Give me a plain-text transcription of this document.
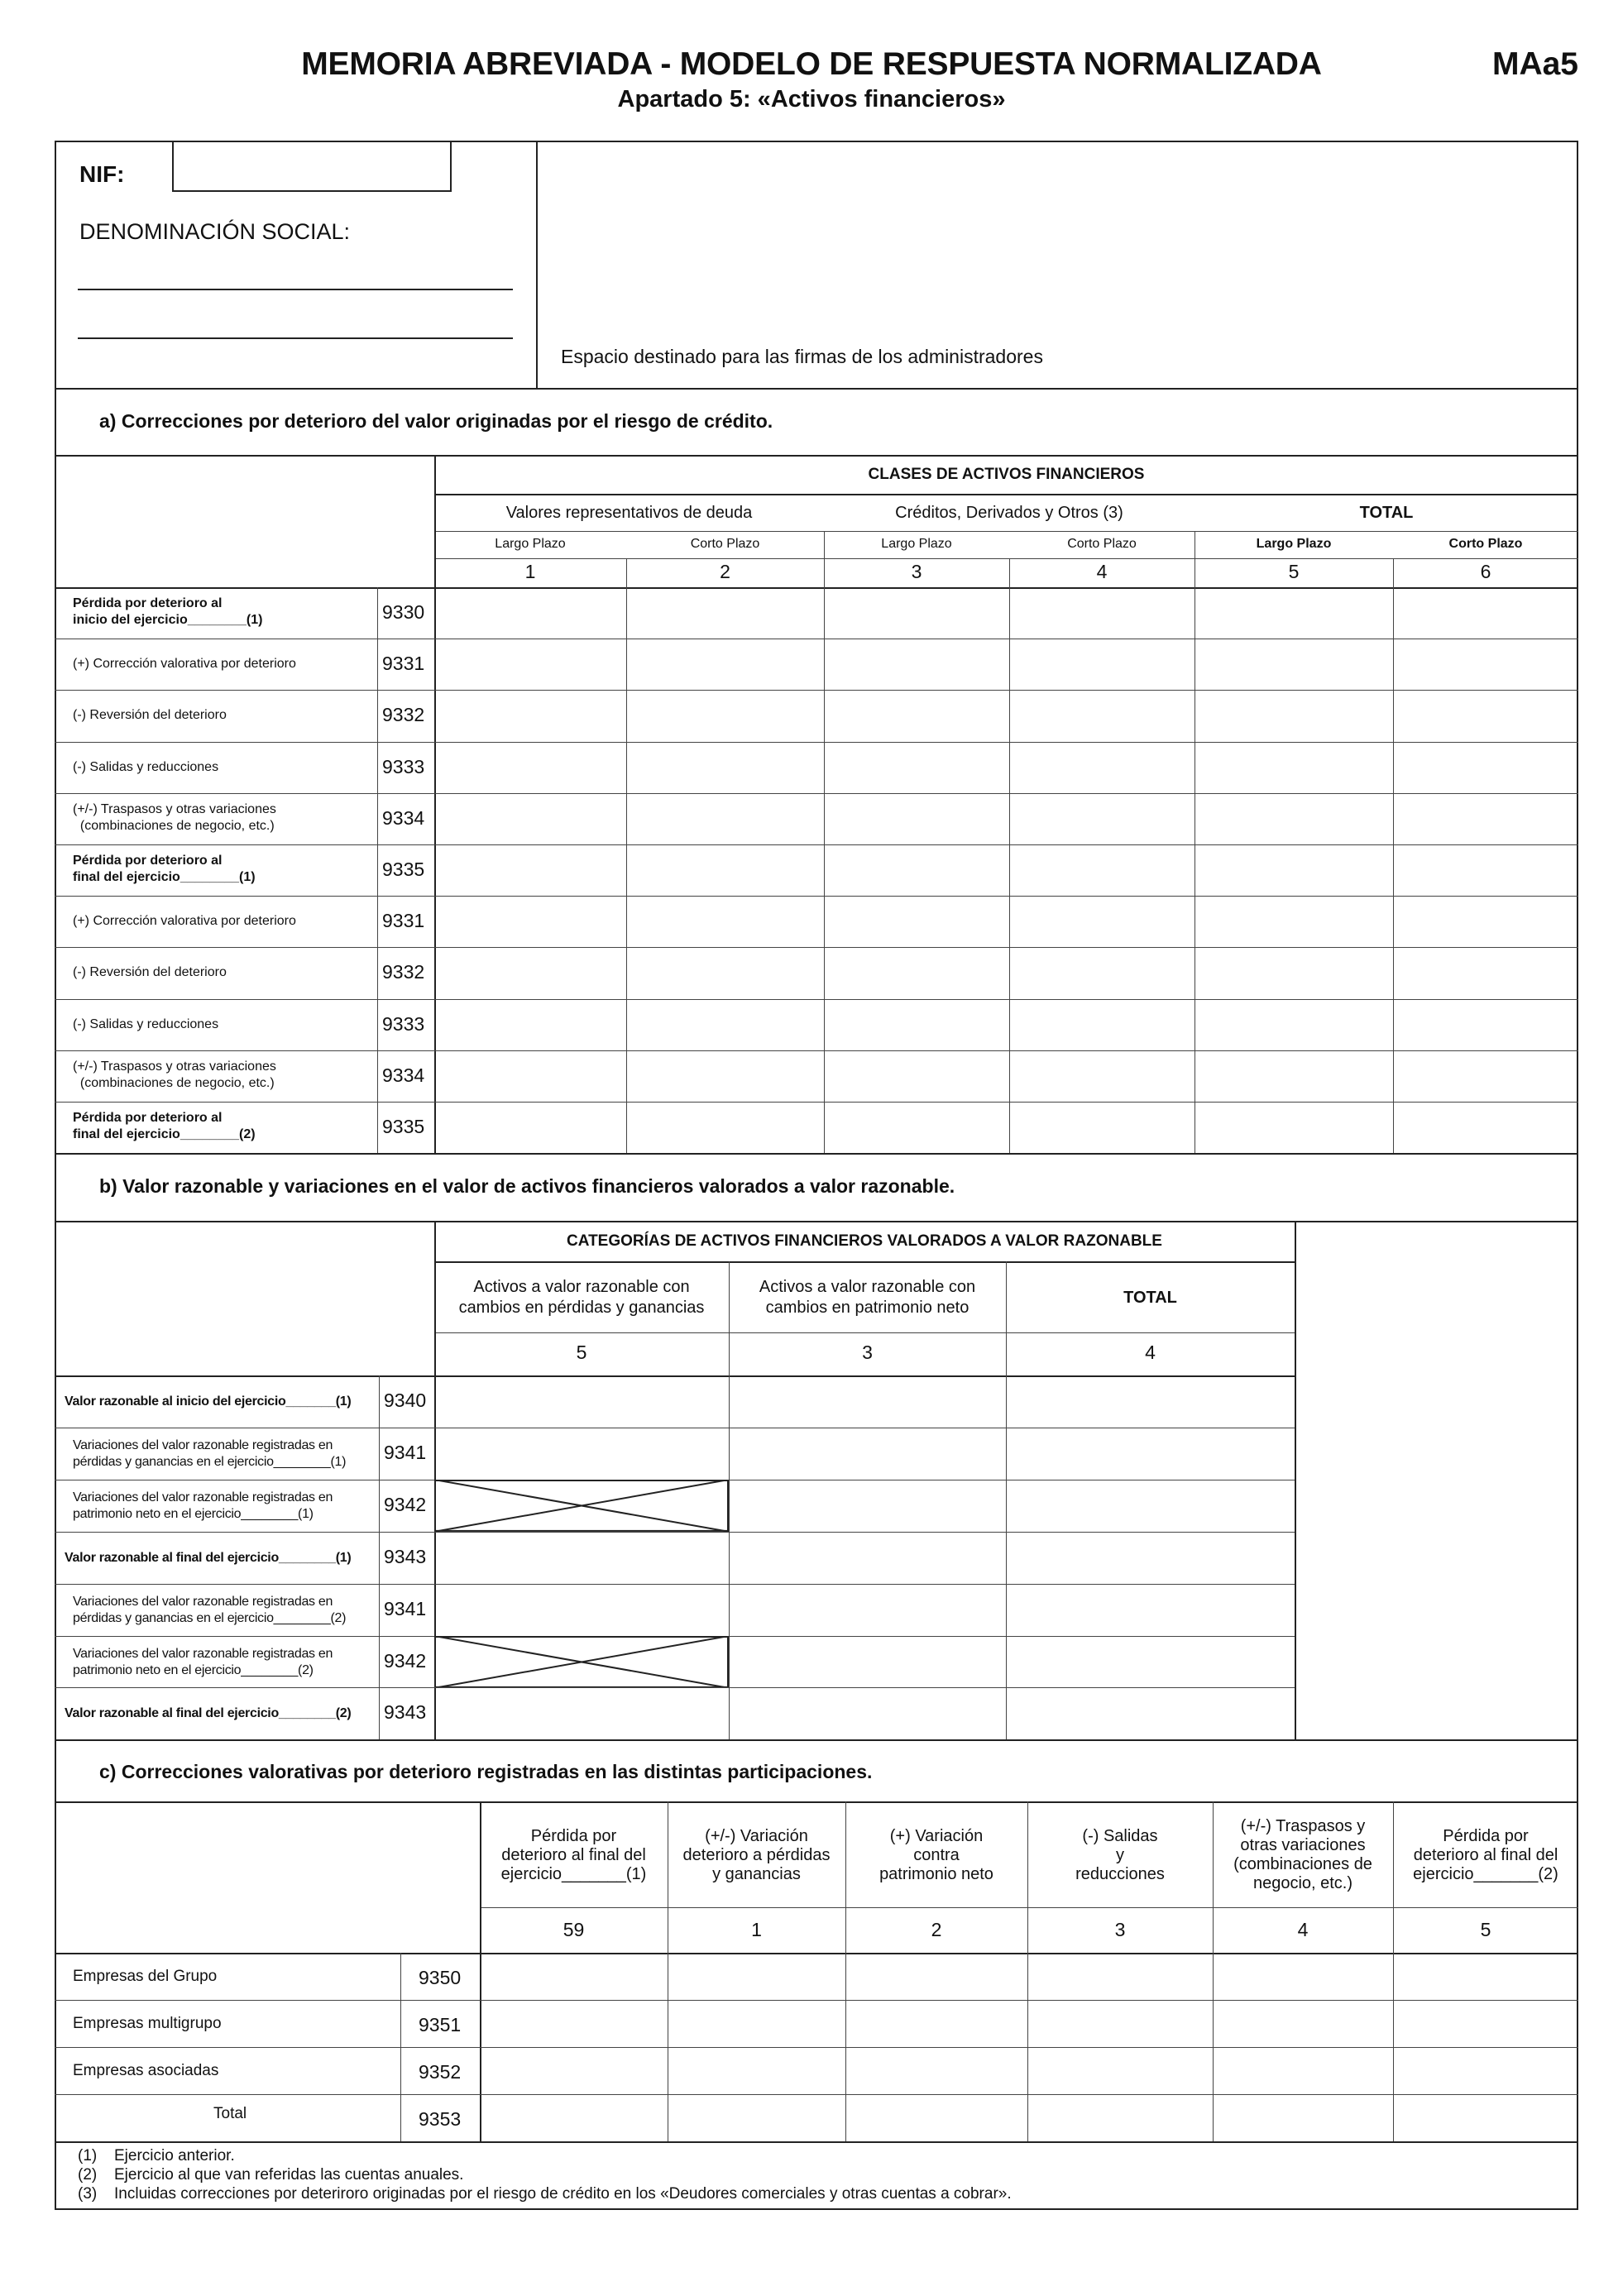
MEMORIA ABREVIADA - MODELO DE RESPUESTA NORMALIZADA
Apartado 5: «Activos financieros»
MAa5
NIF:
DENOMINACIÓN SOCIAL:
Espacio destinado para las firmas de los administradores
a) Correcciones por deterioro del valor originadas por el riesgo de crédito.
CLASES DE ACTIVOS FINANCIEROS
Valores representativos de deuda	Créditos, Derivados y Otros (3)	TOTAL
Largo Plazo	Corto Plazo	Largo Plazo	Corto Plazo	Largo Plazo	Corto Plazo
1	2	3	4	5	6
Pérdida por deterioro al
inicio del ejercicio________(1)	9330
(+) Corrección valorativa por deterioro	9331
(-) Reversión del deterioro	9332
(-) Salidas y reducciones	9333
(+/-) Traspasos y otras variaciones
(combinaciones de negocio, etc.)	9334
Pérdida por deterioro al
final del ejercicio________(1)	9335
(+) Corrección valorativa por deterioro	9331
(-) Reversión del deterioro	9332
(-) Salidas y reducciones	9333
(+/-) Traspasos y otras variaciones
(combinaciones de negocio, etc.)	9334
Pérdida por deterioro al
final del ejercicio________(2)	9335
b) Valor razonable y variaciones en el valor de activos financieros valorados a valor razonable.
CATEGORÍAS DE ACTIVOS FINANCIEROS VALORADOS A VALOR RAZONABLE
Activos a valor razonable con
cambios en pérdidas y ganancias
5
Activos a valor razonable con
cambios en patrimonio neto
3
TOTAL
4
Valor razonable al inicio del ejercicio_______(1) 9340
Variaciones del valor razonable registradas en
pérdidas y ganancias en el ejercicio________(1) 9341
Variaciones del valor razonable registradas en
patrimonio neto en el ejercicio________(1)	9342
Valor razonable al final del ejercicio________(1) 9343
Variaciones del valor razonable registradas en
pérdidas y ganancias en el ejercicio________(2) 9341
Variaciones del valor razonable registradas en
patrimonio neto en el ejercicio________(2)	9342
Valor razonable al final del ejercicio________(2) 9343
c) Correcciones valorativas por deterioro registradas en las distintas participaciones.
Pérdida por
deterioro al final del
ejercicio_______(1)
59
(+/-) Variación
deterioro a pérdidas
y ganancias
1
(+) Variación
contra
patrimonio neto
2
(-) Salidas
y
reducciones
3
(+/-) Traspasos y
otras variaciones
(combinaciones de
negocio, etc.)
4
Pérdida por
deterioro al final del
ejercicio_______(2)
5
Empresas del Grupo	9350
Empresas multigrupo	9351
Empresas asociadas	9352
Total	9353
(1) Ejercicio anterior.
(2) Ejercicio al que van referidas las cuentas anuales.
(3) Incluidas correcciones por deteriroro originadas por el riesgo de crédito en los «Deudores comerciales y otras cuentas a cobrar».
